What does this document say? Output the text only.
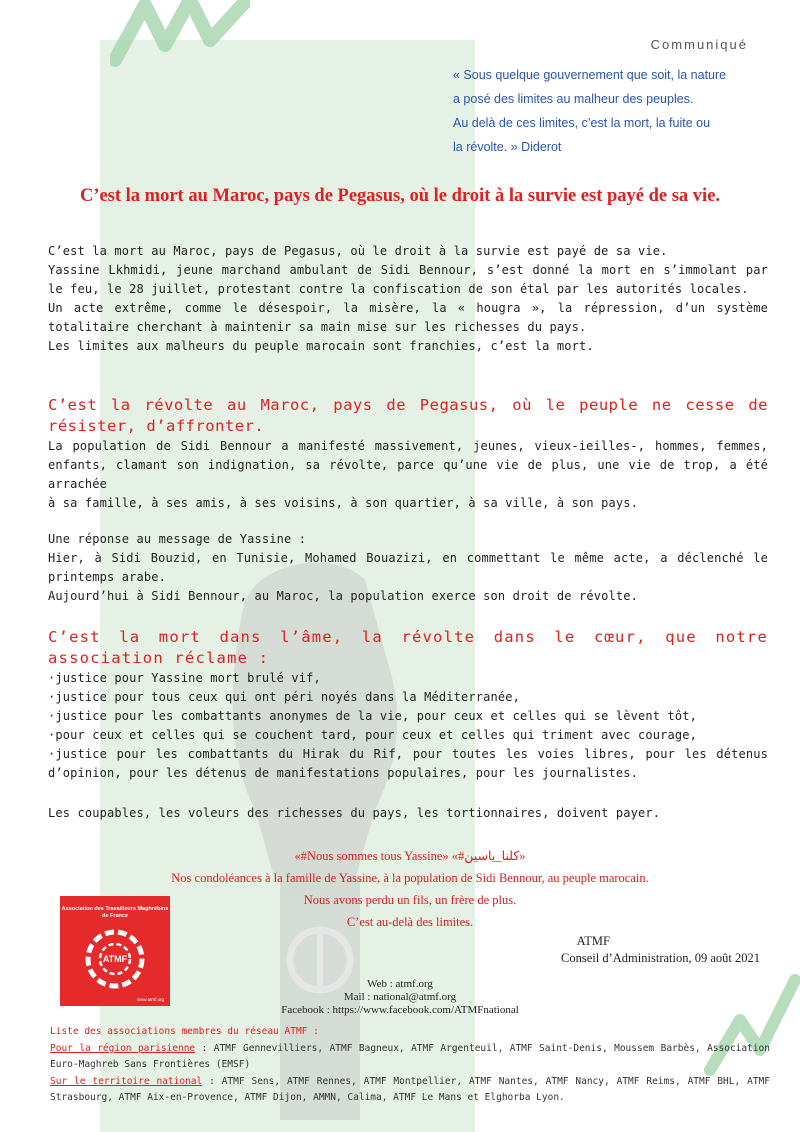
Communiqué

« Sous quelque gouvernement que soit, la nature

a posé des limites au malheur des peuples.

Au delà de ces limites, c’est la mort, la fuite ou

la révolte. » Diderot

C’est la mort au Maroc, pays de Pegasus, où le droit à la survie est payé de sa vie.

C’est la mort au Maroc, pays de Pegasus, où le droit à la survie est payé de sa vie.

Yassine Lkhmidi, jeune marchand ambulant de Sidi Bennour, s’est donné la mort en s’immolant par le feu, le 28 juillet, protestant contre la confiscation de son étal par les autorités locales.

Un acte extrême, comme le désespoir, la misère, la « hougra », la répression, d’un système totalitaire cherchant à maintenir sa main mise sur les richesses du pays.

Les limites aux malheurs du peuple marocain sont franchies, c’est la mort.

C’est la révolte au Maroc, pays de Pegasus, où le peuple ne cesse de résister, d’affronter.

La population de Sidi Bennour a manifesté massivement, jeunes, vieux-ieilles-, hommes, femmes, enfants, clamant son indignation, sa révolte, parce qu’une vie de plus, une vie de trop, a été arrachée

à sa famille, à ses amis, à ses voisins, à son quartier, à sa ville, à son pays.

Une réponse au message de Yassine :

Hier, à Sidi Bouzid, en Tunisie, Mohamed Bouazizi, en commettant le même acte, a déclenché le printemps arabe.

Aujourd’hui à Sidi Bennour, au Maroc, la population exerce son droit de révolte.

C’est la mort dans l’âme, la révolte dans le cœur, que notre association réclame :

·justice pour Yassine mort brulé vif,

·justice pour tous ceux qui ont péri noyés dans la Méditerranée,

·justice pour les combattants anonymes de la vie, pour ceux et celles qui se lèvent tôt,

·pour ceux et celles qui se couchent tard, pour ceux et celles qui triment avec courage,

·justice pour les combattants du Hirak du Rif, pour toutes les voies libres, pour les détenus d’opinion, pour les détenus de manifestations populaires, pour les journalistes.

Les coupables, les voleurs des richesses du pays, les tortionnaires, doivent payer.

«#Nous sommes tous Yassine» «#كلنا_ياسين»

Nos condoléances à la famille de Yassine, à la population de Sidi Bennour, au peuple marocain.

Nous avons perdu un fils, un frère de plus.

C’est au-delà des limites.

Association des Travailleurs Maghrébins de France
ATMF
www.atmf.org

ATMF

Conseil d’Administration, 09 août 2021

Web : atmf.org

Mail : national@atmf.org

Facebook : https://www.facebook.com/ATMFnational

Liste des associations membres du réseau ATMF :

Pour la région parisienne : ATMF Gennevilliers, ATMF Bagneux, ATMF Argenteuil, ATMF Saint-Denis, Moussem Barbès, Association Euro-Maghreb Sans Frontières (EMSF)

Sur le territoire national : ATMF Sens, ATMF Rennes, ATMF Montpellier, ATMF Nantes, ATMF Nancy, ATMF Reims, ATMF BHL, ATMF Strasbourg, ATMF Aix-en-Provence, ATMF Dijon, AMMN, Calima, ATMF Le Mans et Elghorba Lyon.
